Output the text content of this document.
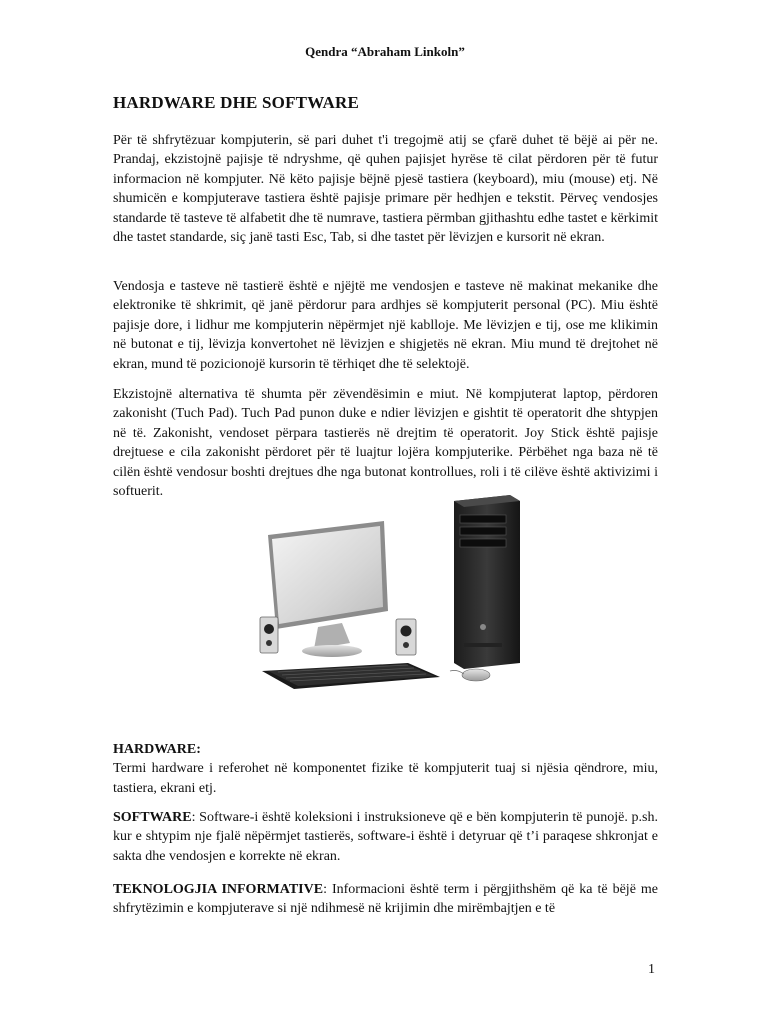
Qendra “Abraham Linkoln”
HARDWARE DHE SOFTWARE

Për të shfrytëzuar kompjuterin, së pari duhet t'i tregojmë atij se çfarë duhet të bëjë ai për ne. Prandaj, ekzistojnë pajisje të ndryshme, që quhen pajisjet hyrëse të cilat përdoren për të futur informacion në kompjuter. Në këto pajisje bëjnë pjesë tastiera (keyboard), miu (mouse) etj. Në shumicën e kompjuterave tastiera është pajisje primare për hedhjen e tekstit. Përveç vendosjes standarde të tasteve të alfabetit dhe të numrave, tastiera përmban gjithashtu edhe tastet e kërkimit dhe tastet standarde, siç janë tasti Esc, Tab, si dhe tastet për lëvizjen e kursorit në ekran.

Vendosja e tasteve në tastierë është e njëjtë me vendosjen e tasteve në makinat mekanike dhe elektronike të shkrimit, që janë përdorur para ardhjes së kompjuterit personal (PC). Miu është pajisje dore, i lidhur me kompjuterin nëpërmjet një kablloje. Me lëvizjen e tij, ose me klikimin në butonat e tij, lëvizja konvertohet në lëvizjen e shigjetës në ekran. Miu mund të drejtohet në ekran, mund të pozicionojë kursorin të tërhiqet dhe të selektojë.

Ekzistojnë alternativa të shumta për zëvendësimin e miut. Në kompjuterat laptop, përdoren zakonisht (Tuch Pad). Tuch Pad punon duke e ndier lëvizjen e gishtit të operatorit dhe shtypjen në të. Zakonisht, vendoset përpara tastierës në drejtim të operatorit. Joy Stick është pajisje drejtuese e cila zakonisht përdoret për të luajtur lojëra kompjuterike. Përbëhet nga baza në të cilën është vendosur boshti drejtues dhe nga butonat kontrollues, roli i të cilëve është aktivizimi i softuerit.

HARDWARE:
Termi hardware i referohet në komponentet fizike të kompjuterit tuaj si njësia qëndrore, miu, tastiera, ekrani etj.

SOFTWARE: Software-i është koleksioni i instruksioneve që e bën kompjuterin të punojë. p.sh. kur e shtypim nje fjalë nëpërmjet tastierës, software-i është i detyruar që t’i paraqese shkronjat e sakta dhe vendosjen e korrekte në ekran.

TEKNOLOGJIA INFORMATIVE: Informacioni është term i përgjithshëm që ka të bëjë me shfrytëzimin e kompjuterave si një ndihmesë në krijimin dhe mirëmbajtjen e të

1
